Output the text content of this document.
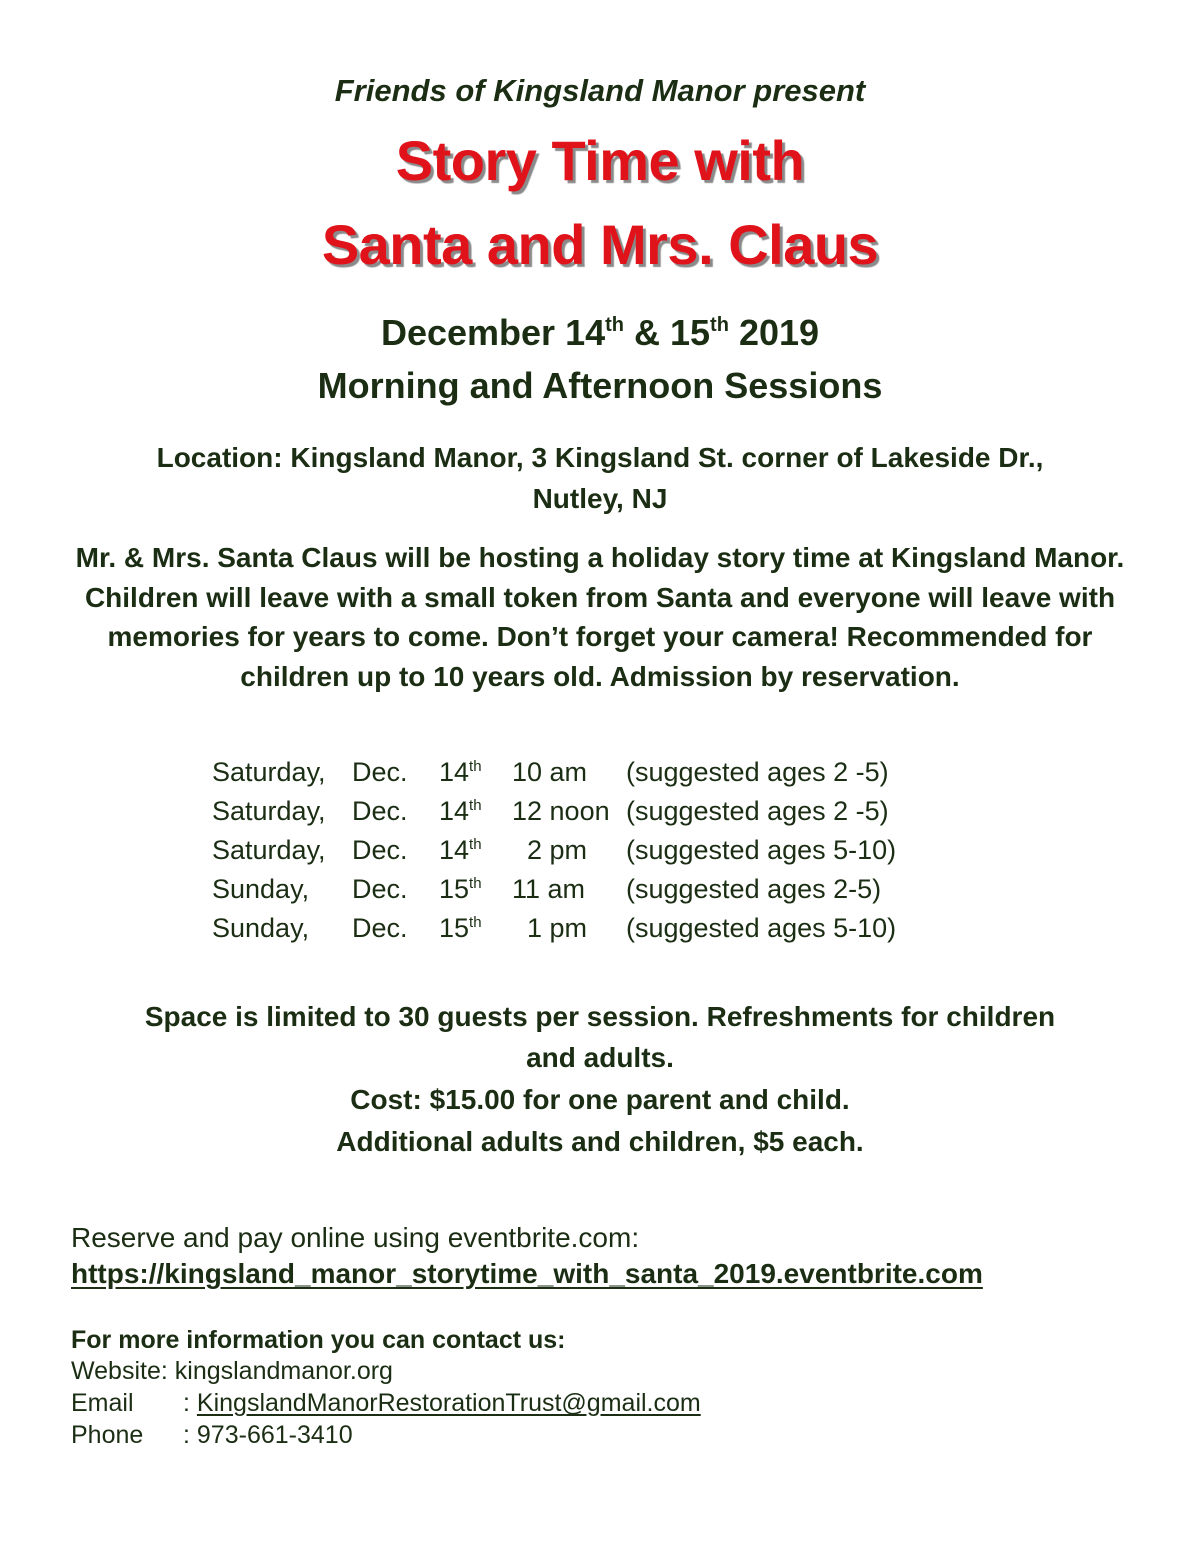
Friends of Kingsland Manor present

Story Time with

Santa and Mrs. Claus

December 14th & 15th 2019

Morning and Afternoon Sessions

Location: Kingsland Manor, 3 Kingsland St. corner of Lakeside Dr.,
Nutley, NJ

Mr. & Mrs. Santa Claus will be hosting a holiday story time at Kingsland Manor. Children will leave with a small token from Santa and everyone will leave with memories for years to come. Don’t forget your camera! Recommended for children up to 10 years old. Admission by reservation.

Saturday, Dec. 14th 10 am (suggested ages 2 -5)
Saturday, Dec. 14th 12 noon (suggested ages 2 -5)
Saturday, Dec. 14th 2 pm (suggested ages 5-10)
Sunday, Dec. 15th 11 am (suggested ages 2-5)
Sunday, Dec. 15th 1 pm (suggested ages 5-10)
Space is limited to 30 guests per session. Refreshments for children
and adults.

Cost: $15.00 for one parent and child.

Additional adults and children, $5 each.

Reserve and pay online using eventbrite.com:

https://kingsland_manor_storytime_with_santa_2019.eventbrite.com

For more information you can contact us:

Website: kingslandmanor.org
Email : KingslandManorRestorationTrust@gmail.com
Phone : 973-661-3410
